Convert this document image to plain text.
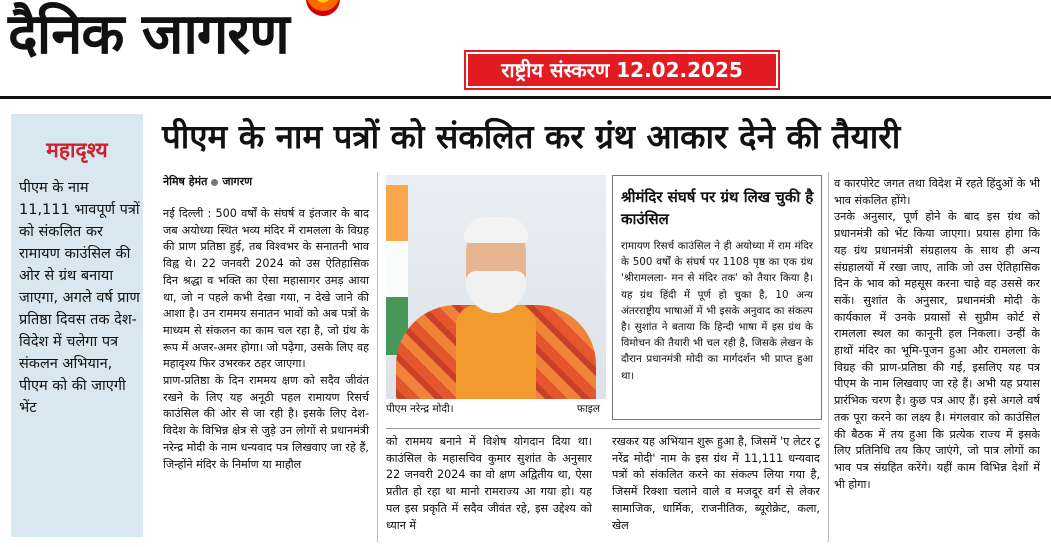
दैनिक जागरण
राष्ट्रीय संस्करण 12.02.2025
महादृश्य
पीएम के नाम 11,111 भावपूर्ण पत्रों को संकलित कर रामायण काउंसिल की ओर से ग्रंथ बनाया जाएगा, अगले वर्ष प्राण प्रतिष्ठा दिवस तक देश-विदेश में चलेगा पत्र संकलन अभियान, पीएम को की जाएगी भेंट
पीएम के नाम पत्रों को संकलित कर ग्रंथ आकार देने की तैयारी
नेमिष हेमंत जागरण
नई दिल्ली : 500 वर्षों के संघर्ष व इंतजार के बाद जब अयोध्या स्थित भव्य मंदिर में रामलला के विग्रह की प्राण प्रतिष्ठा हुई, तब विश्वभर के सनातनी भाव विह्व थे। 22 जनवरी 2024 को उस ऐतिहासिक दिन श्रद्धा व भक्ति का ऐसा महासागर उमड़ आया था, जो न पहले कभी देखा गया, न देखे जाने की आशा है। उन राममय सनातन भावों को अब पत्रों के माध्यम से संकलन का काम चल रहा है, जो ग्रंथ के रूप में अजर-अमर होगा। जो पढ़ेगा, उसके लिए वह महादृश्य फिर उभरकर ठहर जाएगा।
प्राण-प्रतिष्ठा के दिन राममय क्षण को सदैव जीवंत रखने के लिए यह अनूठी पहल रामायण रिसर्च काउंसिल की ओर से जा रही है। इसके लिए देश-विदेश के विभिन्न क्षेत्र से जुड़े उन लोगों से प्रधानमंत्री नरेन्द्र मोदी के नाम धन्यवाद पत्र लिखवाए जा रहे हैं, जिन्होंने मंदिर के निर्माण या माहौल
पीएम नरेन्द्र मोदी।	फाइल
श्रीमंदिर संघर्ष पर ग्रंथ लिख चुकी है काउंसिल
रामायण रिसर्च काउंसिल ने ही अयोध्या में राम मंदिर के 500 वर्षों के संघर्ष पर 1108 पृष्ठ का एक ग्रंथ 'श्रीरामलला- मन से मंदिर तक' को तैयार किया है। यह ग्रंथ हिंदी में पूर्ण हो चुका है, 10 अन्य अंतरराष्ट्रीय भाषाओं में भी इसके अनुवाद का संकल्प है। सुशांत ने बताया कि हिन्दी भाषा में इस ग्रंथ के विमोचन की तैयारी भी चल रही है, जिसके लेखन के दौरान प्रधानमंत्री मोदी का मार्गदर्शन भी प्राप्त हुआ था।
को राममय बनाने में विशेष योगदान दिया था। काउंसिल के महासचिव कुमार सुशांत के अनुसार 22 जनवरी 2024 का वो क्षण अद्वितीय था, ऐसा प्रतीत हो रहा था मानो रामराज्य आ गया हो। यह पल इस प्रकृति में सदैव जीवंत रहे, इस उद्देश्य को ध्यान में
रखकर यह अभियान शुरू हुआ है, जिसमें 'ए लेटर टू नरेंद्र मोदी' नाम के इस ग्रंथ में 11,111 धन्यवाद पत्रों को संकलित करने का संकल्प लिया गया है, जिसमें रिक्शा चलाने वाले व मजदूर वर्ग से लेकर सामाजिक, धार्मिक, राजनीतिक, ब्यूरोक्रेट, कला, खेल
व कारपोरेट जगत तथा विदेश में रहते हिंदुओं के भी भाव संकलित होंगे।
उनके अनुसार, पूर्ण होने के बाद इस ग्रंथ को प्रधानमंत्री को भेंट किया जाएगा। प्रयास होगा कि यह ग्रंथ प्रधानमंत्री संग्रहालय के साथ ही अन्य संग्रहालयों में रखा जाए, ताकि जो उस ऐतिहासिक दिन के भाव को महसूस करना चाहे वह उससे कर सकें। सुशांत के अनुसार, प्रधानमंत्री मोदी के कार्यकाल में उनके प्रयासों से सुप्रीम कोर्ट से रामलला स्थल का कानूनी हल निकला। उन्हीं के हाथों मंदिर का भूमि-पूजन हुआ और रामलला के विग्रह की प्राण-प्रतिष्ठा की गई, इसलिए यह पत्र पीएम के नाम लिखवाए जा रहे हैं। अभी यह प्रयास प्रारंभिक चरण है। कुछ पत्र आए हैं। इसे अगले वर्ष तक पूरा करने का लक्ष्य है। मंगलवार को काउंसिल की बैठक में तय हुआ कि प्रत्येक राज्य में इसके लिए प्रतिनिधि तय किए जाएंगे, जो पात्र लोगों का भाव पत्र संग्रहित करेंगे। यहीं काम विभिन्न देशों में भी होगा।
